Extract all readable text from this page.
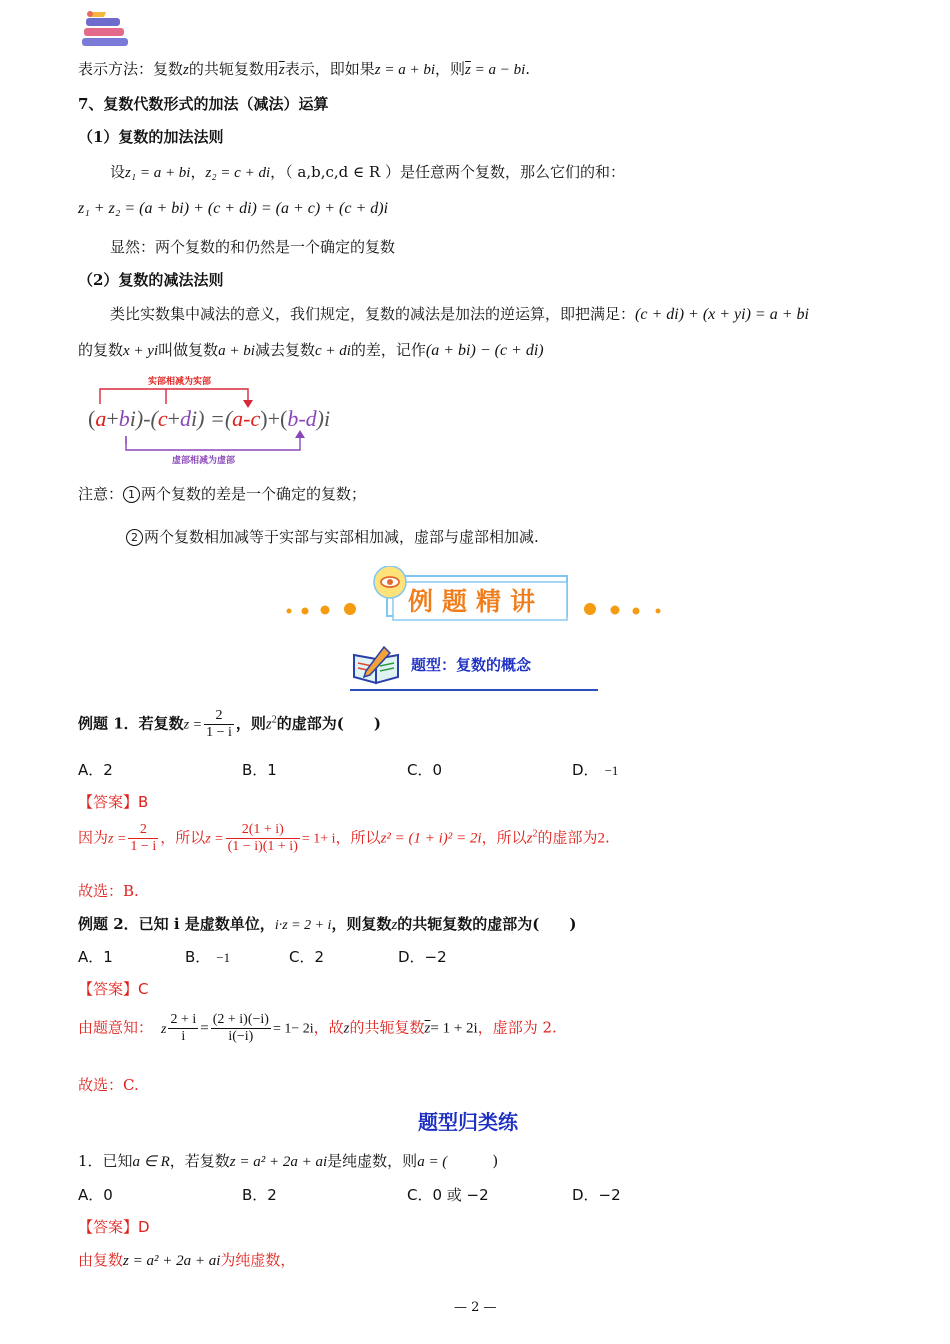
表示方法：复数z的共轭复数用$\overline{z}$表示，即如果z = a + bi，则$\overline{z} = a$ − bi.
7、复数代数形式的加法（减法）运算
（1）复数的加法法则
设z₁ = a + bi，z₂ = c + di，（ a,b,c,d ∈ R ）是任意两个复数，那么它们的和：
z₁ + z₂ = (a + bi) + (c + di) = (a + c) + (c + d)i
显然：两个复数的和仍然是一个确定的复数
（2）复数的减法法则
类比实数集中减法的意义，我们规定，复数的减法是加法的逆运算，即把满足：(c + di) + (x + yi) = a + bi
的复数x + yi叫做复数a + bi减去复数c + di的差，记作(a + bi) − (c + di)
实部相减为实部
虚部相减为虚部
(a+bi)-(c+di) =(a-c)+(b-d)i
注意： 1 两个复数的差是一个确定的复数；
2 两个复数相加减等于实部与实部相加减，虚部与虚部相加减.
例题精讲
题型：复数的概念
例题 1．若复数$z = \frac{2}{1 - i}$ ，则$z^2$的虚部为(　　)
A．2	B．1	C．0	D． −1
【答案】B
因为$z = \frac{2}{1 - i}$ ，所以$z = \frac{2(1 + i)}{(1 - i)(1 + i)} = 1+ i$，所以z² = (1 + i)² = 2i，所以$z^2$的虚部为2.
故选：B.
例题 2．已知 i 是虚数单位，i·z = 2 + i，则复数z的共轭复数的虚部为(　　)
A．1	B． −1	C．2	D．−2
【答案】C
由题意知： z $\frac{2 + i}{i} = \frac{(2 + i)(-i)}{i(-i)} = 1- 2i$，故z的共轭复数$\overline{z}= 1 + 2i$，虚部为 2.
故选：C.
题型归类练
1．已知a ∈ R，若复数z = a² + 2a + ai是纯虚数，则a = (　　　)
A．0	B．2	C．0 或 −2	D．−2
【答案】D
由复数z = a² + 2a + ai为纯虚数，
— 2 —
